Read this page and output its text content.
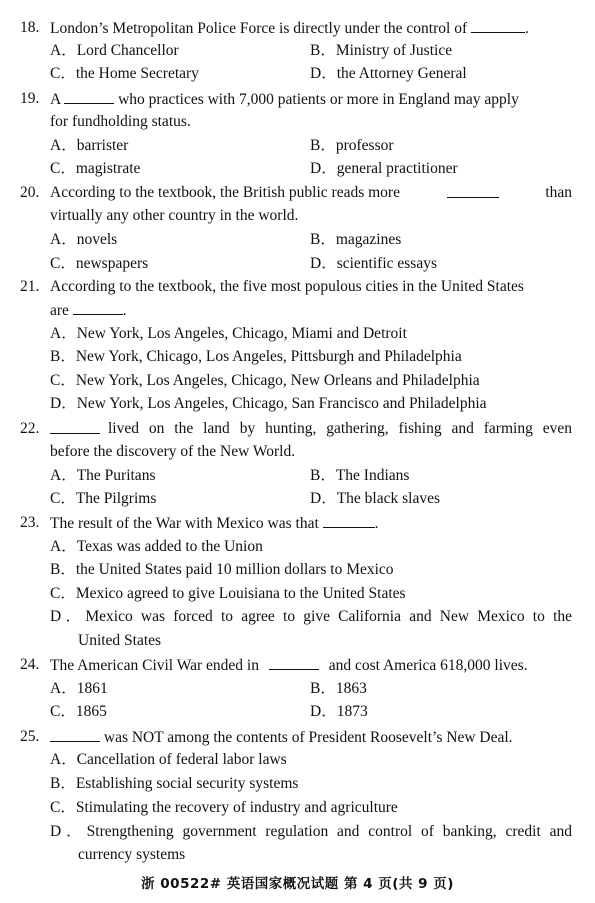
18. London’s Metropolitan Police Force is directly under the control of	.
A．Lord Chancellor	B．Ministry of Justice
C．the Home Secretary	D．the Attorney General
19. A	who practices with 7,000 patients or more in England may apply
for fundholding status.
A．barrister	B．professor
C．magistrate	D．general practitioner
20. According to the textbook, the British public reads more	than
virtually any other country in the world.
A．novels	B．magazines
C．newspapers	D．scientific essays
21. According to the textbook, the five most populous cities in the United States
are	.
A．New York, Los Angeles, Chicago, Miami and Detroit
B．New York, Chicago, Los Angeles, Pittsburgh and Philadelphia
C．New York, Los Angeles, Chicago, New Orleans and Philadelphia
D．New York, Los Angeles, Chicago, San Francisco and Philadelphia
22.	lived on the land by hunting, gathering, fishing and farming even
before the discovery of the New World.
A．The Puritans	B．The Indians
C．The Pilgrims	D．The black slaves
23. The result of the War with Mexico was that	.
A．Texas was added to the Union
B．the United States paid 10 million dollars to Mexico
C．Mexico agreed to give Louisiana to the United States
D．Mexico was forced to agree to give California and New Mexico to the
United States
24. The American Civil War ended in	and cost America 618,000 lives.
A．1861	B．1863
C．1865	D．1873
25.	was NOT among the contents of President Roosevelt’s New Deal.
A．Cancellation of federal labor laws
B．Establishing social security systems
C．Stimulating the recovery of industry and agriculture
D．Strengthening government regulation and control of banking, credit and
currency systems
浙 00522# 英语国家概况试题 第 4 页(共 9 页)
